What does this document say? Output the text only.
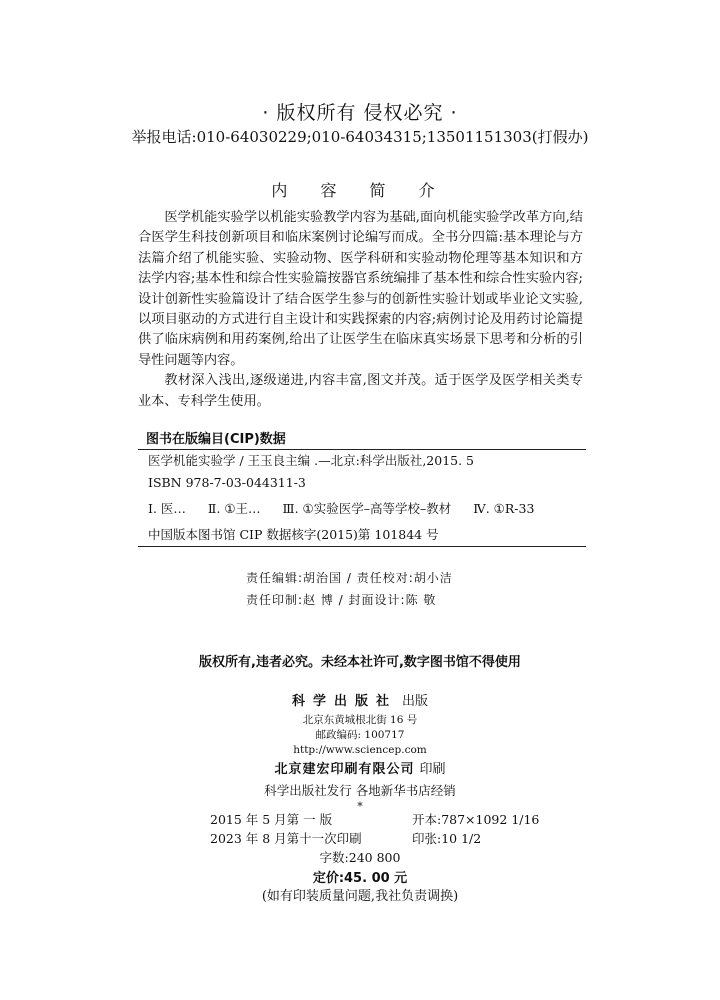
· 版权所有 侵权必究 ·
举报电话:010-64030229;010-64034315;13501151303(打假办)
内 容 简 介

医学机能实验学以机能实验教学内容为基础,面向机能实验学改革方向,结合医学生科技创新项目和临床案例讨论编写而成。全书分四篇:基本理论与方法篇介绍了机能实验、实验动物、医学科研和实验动物伦理等基本知识和方法学内容;基本性和综合性实验篇按器官系统编排了基本性和综合性实验内容;设计创新性实验篇设计了结合医学生参与的创新性实验计划或毕业论文实验,以项目驱动的方式进行自主设计和实践探索的内容;病例讨论及用药讨论篇提供了临床病例和用药案例,给出了让医学生在临床真实场景下思考和分析的引导性问题等内容。

教材深入浅出,逐级递进,内容丰富,图文并茂。适于医学及医学相关类专业本、专科学生使用。

图书在版编目(CIP)数据
医学机能实验学 / 王玉良主编 .—北京:科学出版社,2015. 5
ISBN 978-7-03-044311-3
Ⅰ. 医… Ⅱ. ①王… Ⅲ. ①实验医学–高等学校–教材 Ⅳ. ①R-33
中国版本图书馆 CIP 数据核字(2015)第 101844 号
责任编辑:胡治国 / 责任校对:胡小洁
责任印制:赵 博 / 封面设计:陈 敬
版权所有,违者必究。未经本社许可,数字图书馆不得使用
科学出版社 出版
北京东黄城根北街 16 号
邮政编码: 100717
http://www.sciencep.com
北京建宏印刷有限公司 印刷
科学出版社发行 各地新华书店经销
*
2015 年 5 月第 一 版	开本:787×1092 1/16
2023 年 8 月第十一次印刷	印张:10 1/2
字数:240 800
定价:45. 00 元
(如有印装质量问题,我社负责调换)
